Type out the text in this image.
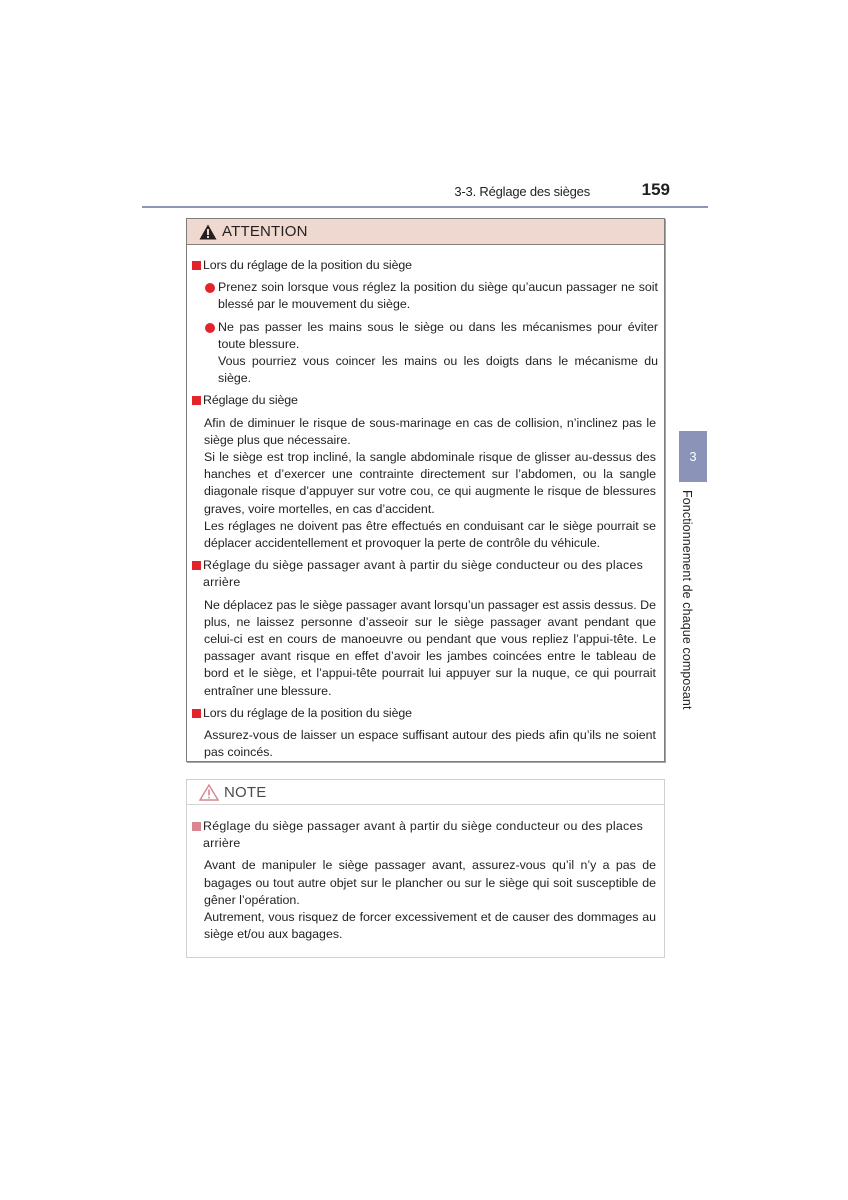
3-3. Réglage des sièges	159
3
Fonctionnement de chaque composant
ATTENTION
Lors du réglage de la position du siège

Prenez soin lorsque vous réglez la position du siège qu’aucun passager ne soit blessé par le mouvement du siège.

Ne pas passer les mains sous le siège ou dans les mécanismes pour éviter toute blessure.

Vous pourriez vous coincer les mains ou les doigts dans le mécanisme du siège.

Réglage du siège

Afin de diminuer le risque de sous-marinage en cas de collision, n’inclinez pas le siège plus que nécessaire.

Si le siège est trop incliné, la sangle abdominale risque de glisser au-dessus des hanches et d’exercer une contrainte directement sur l’abdomen, ou la sangle diagonale risque d’appuyer sur votre cou, ce qui augmente le risque de blessures graves, voire mortelles, en cas d’accident.

Les réglages ne doivent pas être effectués en conduisant car le siège pourrait se déplacer accidentellement et provoquer la perte de contrôle du véhicule.

Réglage du siège passager avant à partir du siège conducteur ou des places arrière

Ne déplacez pas le siège passager avant lorsqu’un passager est assis dessus. De plus, ne laissez personne d’asseoir sur le siège passager avant pendant que celui-ci est en cours de manoeuvre ou pendant que vous repliez l’appui-tête. Le passager avant risque en effet d’avoir les jambes coincées entre le tableau de bord et le siège, et l’appui-tête pourrait lui appuyer sur la nuque, ce qui pourrait entraîner une blessure.

Lors du réglage de la position du siège

Assurez-vous de laisser un espace suffisant autour des pieds afin qu’ils ne soient pas coincés.

NOTE
Réglage du siège passager avant à partir du siège conducteur ou des places arrière

Avant de manipuler le siège passager avant, assurez-vous qu’il n’y a pas de bagages ou tout autre objet sur le plancher ou sur le siège qui soit susceptible de gêner l’opération.

Autrement, vous risquez de forcer excessivement et de causer des dommages au siège et/ou aux bagages.
